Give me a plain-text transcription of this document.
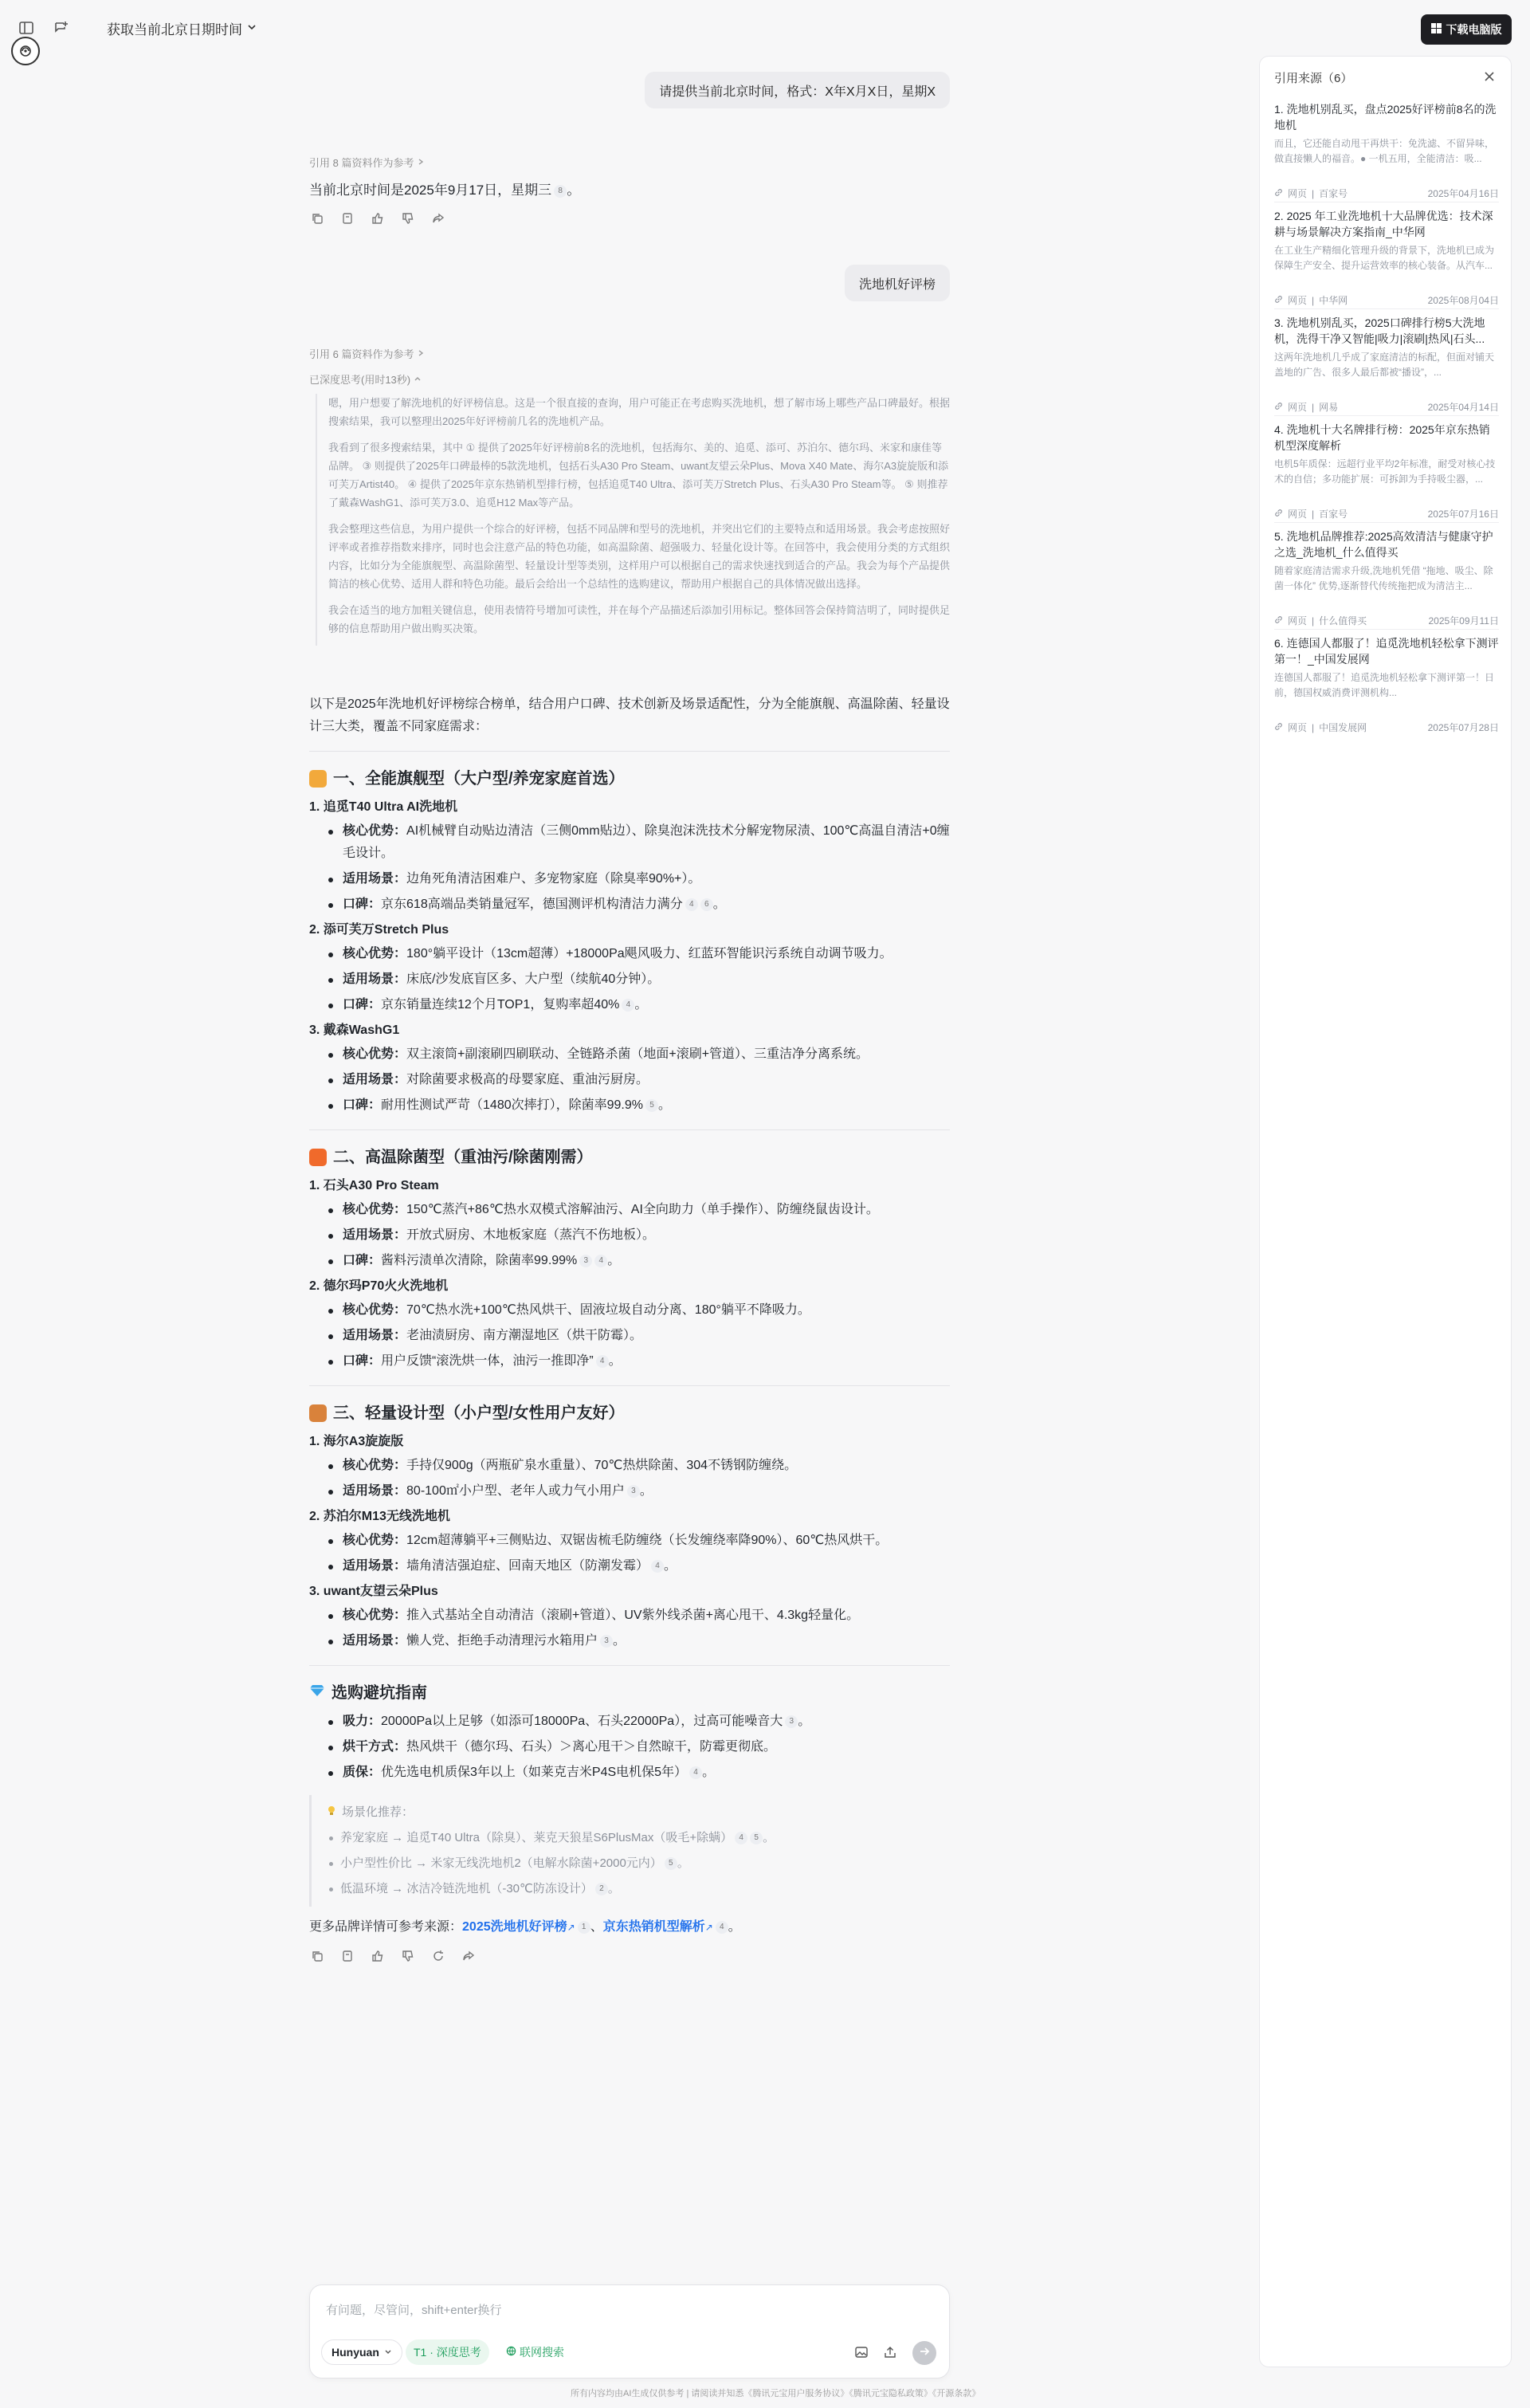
获取当前北京日期时间	下载电脑版
请提供当前北京时间，格式：X年X月X日，星期X
引用 8 篇资料作为参考
当前北京时间是2025年9月17日，星期三 8 。
洗地机好评榜
引用 6 篇资料作为参考
已深度思考(用时13秒)

嗯，用户想要了解洗地机的好评榜信息。这是一个很直接的查询，用户可能正在考虑购买洗地机，想了解市场上哪些产品口碑最好。根据搜索结果，我可以整理出2025年好评榜前几名的洗地机产品。

我看到了很多搜索结果，其中 ① 提供了2025年好评榜前8名的洗地机，包括海尔、美的、追觅、添可、苏泊尔、德尔玛、米家和康佳等品牌。 ③ 则提供了2025年口碑最棒的5款洗地机，包括石头A30 Pro Steam、uwant友望云朵Plus、Mova X40 Mate、海尔A3旋旋版和添可芙万Artist40。 ④ 提供了2025年京东热销机型排行榜，包括追觅T40 Ultra、添可芙万Stretch Plus、石头A30 Pro Steam等。 ⑤ 则推荐了戴森WashG1、添可芙万3.0、追觅H12 Max等产品。

我会整理这些信息，为用户提供一个综合的好评榜，包括不同品牌和型号的洗地机，并突出它们的主要特点和适用场景。我会考虑按照好评率或者推荐指数来排序，同时也会注意产品的特色功能，如高温除菌、超强吸力、轻量化设计等。在回答中，我会使用分类的方式组织内容，比如分为全能旗舰型、高温除菌型、轻量设计型等类别，这样用户可以根据自己的需求快速找到适合的产品。我会为每个产品提供简洁的核心优势、适用人群和特色功能。最后会给出一个总结性的选购建议，帮助用户根据自己的具体情况做出选择。

我会在适当的地方加粗关键信息，使用表情符号增加可读性，并在每个产品描述后添加引用标记。整体回答会保持简洁明了，同时提供足够的信息帮助用户做出购买决策。

以下是2025年洗地机好评榜综合榜单，结合用户口碑、技术创新及场景适配性，分为全能旗舰、高温除菌、轻量设计三大类，覆盖不同家庭需求：
一、全能旗舰型（大户型/养宠家庭首选）
1. 追觅T40 Ultra AI洗地机
核心优势：AI机械臂自动贴边清洁（三侧0mm贴边）、除臭泡沫洗技术分解宠物尿渍、100℃高温自清洁+0缠毛设计。
适用场景：边角死角清洁困难户、多宠物家庭（除臭率90%+）。
口碑：京东618高端品类销量冠军，德国测评机构清洁力满分 4 6 。
2. 添可芙万Stretch Plus
核心优势：180°躺平设计（13cm超薄）+18000Pa飓风吸力、红蓝环智能识污系统自动调节吸力。
适用场景：床底/沙发底盲区多、大户型（续航40分钟）。
口碑：京东销量连续12个月TOP1，复购率超40% 4 。
3. 戴森WashG1
核心优势：双主滚筒+副滚刷四刷联动、全链路杀菌（地面+滚刷+管道）、三重洁净分离系统。
适用场景：对除菌要求极高的母婴家庭、重油污厨房。
口碑：耐用性测试严苛（1480次摔打），除菌率99.9% 5 。
二、高温除菌型（重油污/除菌刚需）
1. 石头A30 Pro Steam
核心优势：150℃蒸汽+86℃热水双模式溶解油污、AI全向助力（单手操作）、防缠绕鼠齿设计。
适用场景：开放式厨房、木地板家庭（蒸汽不伤地板）。
口碑：酱料污渍单次清除，除菌率99.99% 3 4 。
2. 德尔玛P70火火洗地机
核心优势：70℃热水洗+100℃热风烘干、固液垃圾自动分离、180°躺平不降吸力。
适用场景：老油渍厨房、南方潮湿地区（烘干防霉）。
口碑：用户反馈“滚洗烘一体，油污一推即净” 4 。
三、轻量设计型（小户型/女性用户友好）
1. 海尔A3旋旋版
核心优势：手持仅900g（两瓶矿泉水重量）、70℃热烘除菌、304不锈钢防缠绕。
适用场景：80-100㎡小户型、老年人或力气小用户 3 。
2. 苏泊尔M13无线洗地机
核心优势：12cm超薄躺平+三侧贴边、双锯齿梳毛防缠绕（长发缠绕率降90%）、60℃热风烘干。
适用场景：墙角清洁强迫症、回南天地区（防潮发霉） 4 。
3. uwant友望云朵Plus
核心优势：推入式基站全自动清洁（滚刷+管道）、UV紫外线杀菌+离心甩干、4.3kg轻量化。
适用场景：懒人党、拒绝手动清理污水箱用户 3 。
选购避坑指南
吸力：20000Pa以上足够（如添可18000Pa、石头22000Pa），过高可能噪音大 3 。
烘干方式：热风烘干（德尔玛、石头）＞离心甩干＞自然晾干，防霉更彻底。
质保：优先选电机质保3年以上（如莱克吉米P4S电机保5年） 4 。
场景化推荐：
养宠家庭 → 追觅T40 Ultra（除臭）、莱克天狼星S6PlusMax（吸毛+除螨） 4 5 。
小户型性价比 → 米家无线洗地机2（电解水除菌+2000元内） 5 。
低温环境 → 冰洁冷链洗地机（-30℃防冻设计） 2 。
更多品牌详情可参考来源：2025洗地机好评榜↗ 1 、京东热销机型解析↗ 4 。
有问题，尽管问，shift+enter换行
Hunyuan	T1 · 深度思考	联网搜索
所有内容均由AI生成仅供参考 | 请阅读并知悉《腾讯元宝用户服务协议》《腾讯元宝隐私政策》《开源条款》
引用来源（6）
1. 洗地机别乱买，盘点2025好评榜前8名的洗地机
而且，它还能自动甩干再烘干：免洗滤、不留异味，做直接懒人的福音。● 一机五用，全能清洁：吸...
网页 | 百家号	2025年04月16日
2. 2025 年工业洗地机十大品牌优选：技术深耕与场景解决方案指南_中华网
在工业生产精细化管理升级的背景下，洗地机已成为保障生产安全、提升运营效率的核心装备。从汽车...
网页 | 中华网	2025年08月04日
3. 洗地机别乱买，2025口碑排行榜5大洗地机，洗得干净又智能|吸力|滚刷|热风|石头...
这两年洗地机几乎成了家庭清洁的标配，但面对铺天盖地的广告、很多人最后都被“播设”，...
网页 | 网易	2025年04月14日
4. 洗地机十大名牌排行榜：2025年京东热销机型深度解析
电机5年质保：远超行业平均2年标准，耐受对核心技术的自信；多功能扩展：可拆卸为手持吸尘器，...
网页 | 百家号	2025年07月16日
5. 洗地机品牌推荐:2025高效清洁与健康守护之选_洗地机_什么值得买
随着家庭清洁需求升级,洗地机凭借 “拖地、吸尘、除菌一体化” 优势,逐渐替代传统拖把成为清洁主...
网页 | 什么值得买	2025年09月11日
6. 连德国人都服了！追觅洗地机轻松拿下测评第一！_中国发展网
连德国人都服了！追觅洗地机轻松拿下测评第一！日前，德国权威消费评测机构...
网页 | 中国发展网	2025年07月28日
